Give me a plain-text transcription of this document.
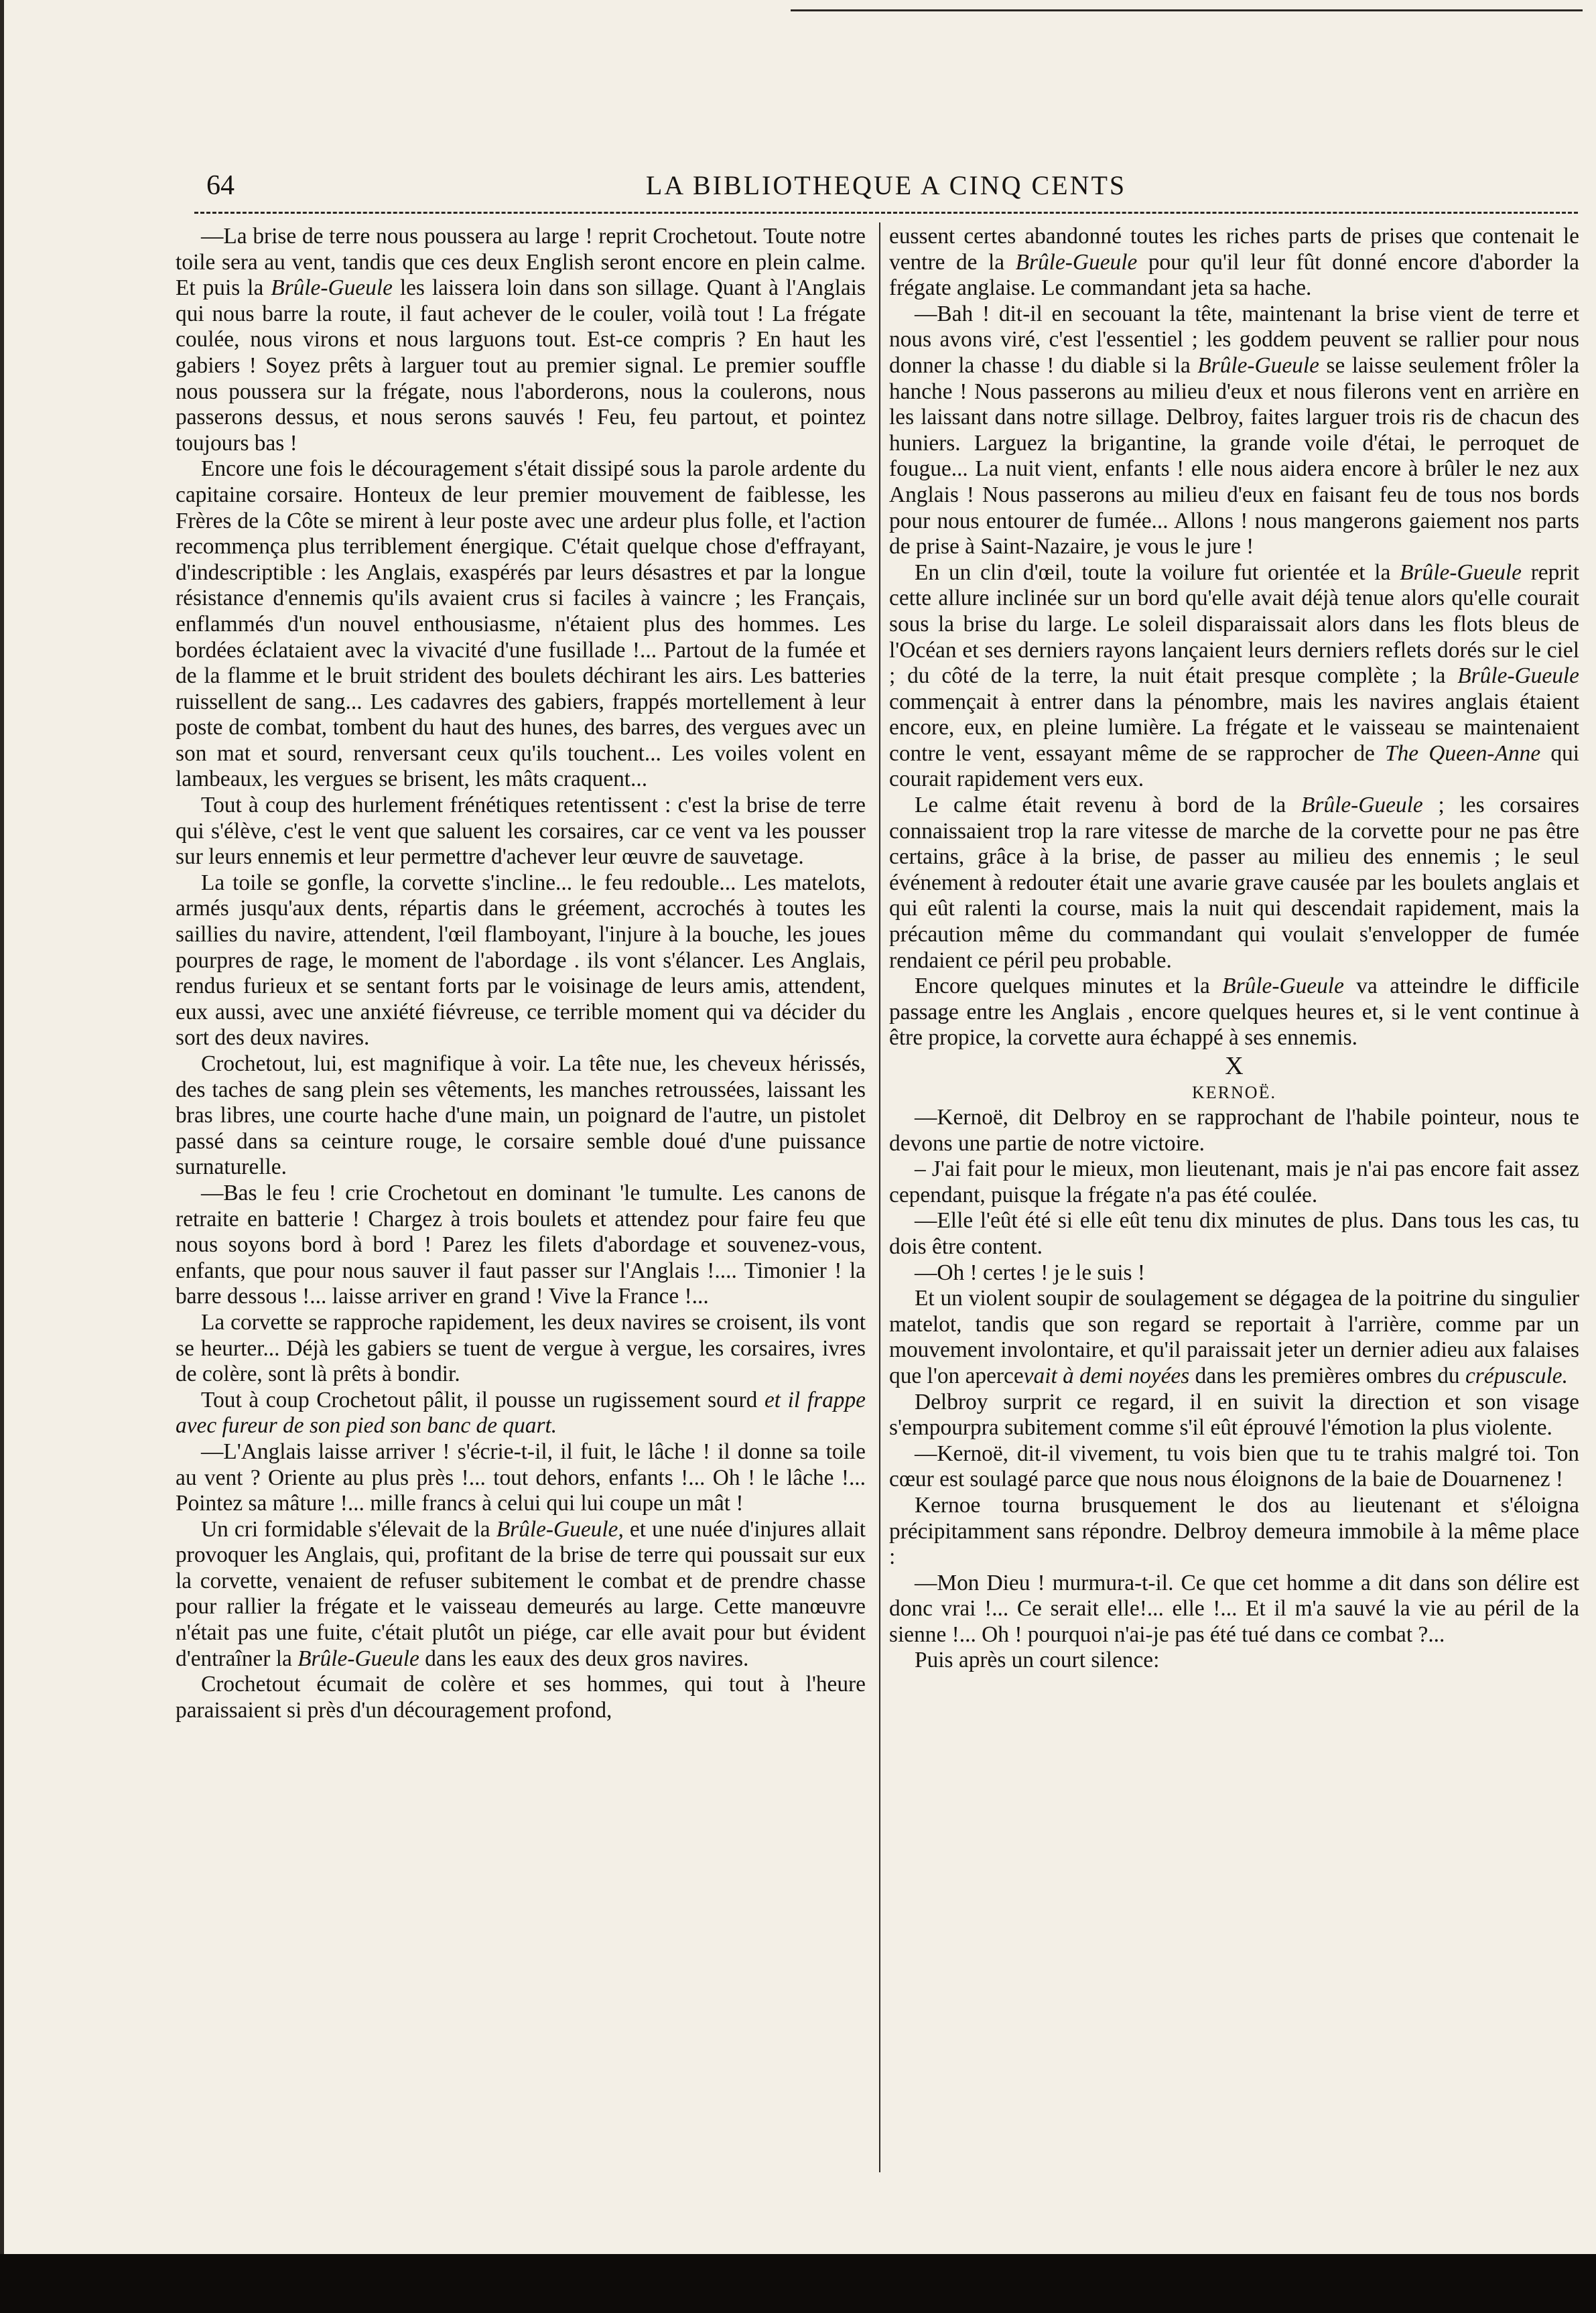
64	LA BIBLIOTHEQUE A CINQ CENTS

—La brise de terre nous poussera au large ! reprit Crochetout. Toute notre toile sera au vent, tandis que ces deux English seront encore en plein calme. Et puis la Brûle-Gueule les laissera loin dans son sillage. Quant à l'Anglais qui nous barre la route, il faut achever de le couler, voilà tout ! La frégate coulée, nous virons et nous larguons tout. Est-ce compris ? En haut les gabiers ! Soyez prêts à larguer tout au premier signal. Le premier souffle nous poussera sur la frégate, nous l'aborderons, nous la coulerons, nous passerons dessus, et nous serons sauvés ! Feu, feu partout, et pointez toujours bas !

Encore une fois le découragement s'était dissipé sous la parole ardente du capitaine corsaire. Honteux de leur premier mouvement de faiblesse, les Frères de la Côte se mirent à leur poste avec une ardeur plus folle, et l'action recommença plus terriblement énergique. C'était quelque chose d'effrayant, d'indescriptible : les Anglais, exaspérés par leurs désastres et par la longue résistance d'ennemis qu'ils avaient crus si faciles à vaincre ; les Français, enflammés d'un nouvel enthousiasme, n'étaient plus des hommes. Les bordées éclataient avec la vivacité d'une fusillade !... Partout de la fumée et de la flamme et le bruit strident des boulets déchirant les airs. Les batteries ruissellent de sang... Les cadavres des gabiers, frappés mortellement à leur poste de combat, tombent du haut des hunes, des barres, des vergues avec un son mat et sourd, renversant ceux qu'ils touchent... Les voiles volent en lambeaux, les vergues se brisent, les mâts craquent...

Tout à coup des hurlement frénétiques retentissent : c'est la brise de terre qui s'élève, c'est le vent que saluent les corsaires, car ce vent va les pousser sur leurs ennemis et leur permettre d'achever leur œuvre de sauvetage.

La toile se gonfle, la corvette s'incline... le feu redouble... Les matelots, armés jusqu'aux dents, répartis dans le gréement, accrochés à toutes les saillies du navire, attendent, l'œil flamboyant, l'injure à la bouche, les joues pourpres de rage, le moment de l'abordage . ils vont s'élancer. Les Anglais, rendus furieux et se sentant forts par le voisinage de leurs amis, attendent, eux aussi, avec une anxiété fiévreuse, ce terrible moment qui va décider du sort des deux navires.

Crochetout, lui, est magnifique à voir. La tête nue, les cheveux hérissés, des taches de sang plein ses vêtements, les manches retroussées, laissant les bras libres, une courte hache d'une main, un poignard de l'autre, un pistolet passé dans sa ceinture rouge, le corsaire semble doué d'une puissance surnaturelle.

—Bas le feu ! crie Crochetout en dominant 'le tumulte. Les canons de retraite en batterie ! Chargez à trois boulets et attendez pour faire feu que nous soyons bord à bord ! Parez les filets d'abordage et souvenez-vous, enfants, que pour nous sauver il faut passer sur l'Anglais !.... Timonier ! la barre dessous !... laisse arriver en grand ! Vive la France !...

La corvette se rapproche rapidement, les deux navires se croisent, ils vont se heurter... Déjà les gabiers se tuent de vergue à vergue, les corsaires, ivres de colère, sont là prêts à bondir.

Tout à coup Crochetout pâlit, il pousse un rugissement sourd et il frappe avec fureur de son pied son banc de quart.

—L'Anglais laisse arriver ! s'écrie-t-il, il fuit, le lâche ! il donne sa toile au vent ? Oriente au plus près !... tout dehors, enfants !... Oh ! le lâche !... Pointez sa mâture !... mille francs à celui qui lui coupe un mât !

Un cri formidable s'élevait de la Brûle-Gueule, et une nuée d'injures allait provoquer les Anglais, qui, profitant de la brise de terre qui poussait sur eux la corvette, venaient de refuser subitement le combat et de prendre chasse pour rallier la frégate et le vaisseau demeurés au large. Cette manœuvre n'était pas une fuite, c'était plutôt un piége, car elle avait pour but évident d'entraîner la Brûle-Gueule dans les eaux des deux gros navires.

Crochetout écumait de colère et ses hommes, qui tout à l'heure paraissaient si près d'un découragement profond,

eussent certes abandonné toutes les riches parts de prises que contenait le ventre de la Brûle-Gueule pour qu'il leur fût donné encore d'aborder la frégate anglaise. Le commandant jeta sa hache.

—Bah ! dit-il en secouant la tête, maintenant la brise vient de terre et nous avons viré, c'est l'essentiel ; les goddem peuvent se rallier pour nous donner la chasse ! du diable si la Brûle-Gueule se laisse seulement frôler la hanche ! Nous passerons au milieu d'eux et nous filerons vent en arrière en les laissant dans notre sillage. Delbroy, faites larguer trois ris de chacun des huniers. Larguez la brigantine, la grande voile d'étai, le perroquet de fougue... La nuit vient, enfants ! elle nous aidera encore à brûler le nez aux Anglais ! Nous passerons au milieu d'eux en faisant feu de tous nos bords pour nous entourer de fumée... Allons ! nous mangerons gaiement nos parts de prise à Saint-Nazaire, je vous le jure !

En un clin d'œil, toute la voilure fut orientée et la Brûle-Gueule reprit cette allure inclinée sur un bord qu'elle avait déjà tenue alors qu'elle courait sous la brise du large. Le soleil disparaissait alors dans les flots bleus de l'Océan et ses derniers rayons lançaient leurs derniers reflets dorés sur le ciel ; du côté de la terre, la nuit était presque complète ; la Brûle-Gueule commençait à entrer dans la pénombre, mais les navires anglais étaient encore, eux, en pleine lumière. La frégate et le vaisseau se maintenaient contre le vent, essayant même de se rapprocher de The Queen-Anne qui courait rapidement vers eux.

Le calme était revenu à bord de la Brûle-Gueule ; les corsaires connaissaient trop la rare vitesse de marche de la corvette pour ne pas être certains, grâce à la brise, de passer au milieu des ennemis ; le seul événement à redouter était une avarie grave causée par les boulets anglais et qui eût ralenti la course, mais la nuit qui descendait rapidement, mais la précaution même du commandant qui voulait s'envelopper de fumée rendaient ce péril peu probable.

Encore quelques minutes et la Brûle-Gueule va atteindre le difficile passage entre les Anglais , encore quelques heures et, si le vent continue à être propice, la corvette aura échappé à ses ennemis.

X

KERNOË.

—Kernoë, dit Delbroy en se rapprochant de l'habile pointeur, nous te devons une partie de notre victoire.

– J'ai fait pour le mieux, mon lieutenant, mais je n'ai pas encore fait assez cependant, puisque la frégate n'a pas été coulée.

—Elle l'eût été si elle eût tenu dix minutes de plus. Dans tous les cas, tu dois être content.

—Oh ! certes ! je le suis !

Et un violent soupir de soulagement se dégagea de la poitrine du singulier matelot, tandis que son regard se reportait à l'arrière, comme par un mouvement involontaire, et qu'il paraissait jeter un dernier adieu aux falaises que l'on apercevait à demi noyées dans les premières ombres du crépuscule.

Delbroy surprit ce regard, il en suivit la direction et son visage s'empourpra subitement comme s'il eût éprouvé l'émotion la plus violente.

—Kernoë, dit-il vivement, tu vois bien que tu te trahis malgré toi. Ton cœur est soulagé parce que nous nous éloignons de la baie de Douarnenez !

Kernoe tourna brusquement le dos au lieutenant et s'éloigna précipitamment sans répondre. Delbroy demeura immobile à la même place :

—Mon Dieu ! murmura-t-il. Ce que cet homme a dit dans son délire est donc vrai !... Ce serait elle!... elle !... Et il m'a sauvé la vie au péril de la sienne !... Oh ! pourquoi n'ai-je pas été tué dans ce combat ?...

Puis après un court silence:
